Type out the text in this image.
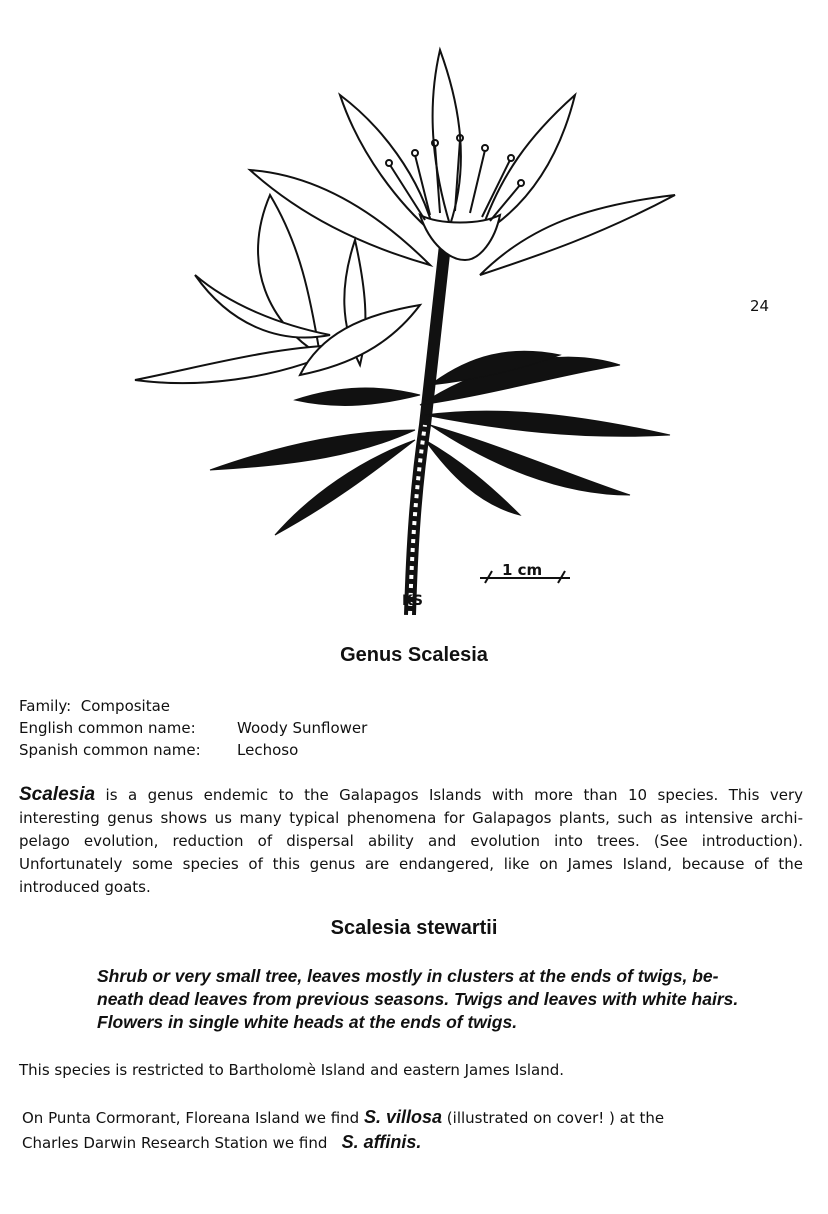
1 cm
KS
24
Genus Scalesia
Family:
Compositae
English common name:	Woody Sunflower
Spanish common name:	Lechoso
Scalesia is a genus endemic to the Galapagos Islands with more than 10 species. This very interesting genus shows us many typical phenomena for Galapagos plants, such as intensive archi-pelago evolution, reduction of dispersal ability and evolution into trees. (See introduction). Unfortunately some species of this genus are endangered, like on James Island, because of the introduced goats.
Scalesia stewartii
Shrub or very small tree, leaves mostly in clusters at the ends of twigs, be-
neath dead leaves from previous seasons. Twigs and leaves with white hairs.
Flowers in single white heads at the ends of twigs.
This species is restricted to Bartholomè Island and eastern James Island.
On Punta Cormorant, Floreana Island we find S. villosa (illustrated on cover! ) at the
Charles Darwin Research Station we find S. affinis.
